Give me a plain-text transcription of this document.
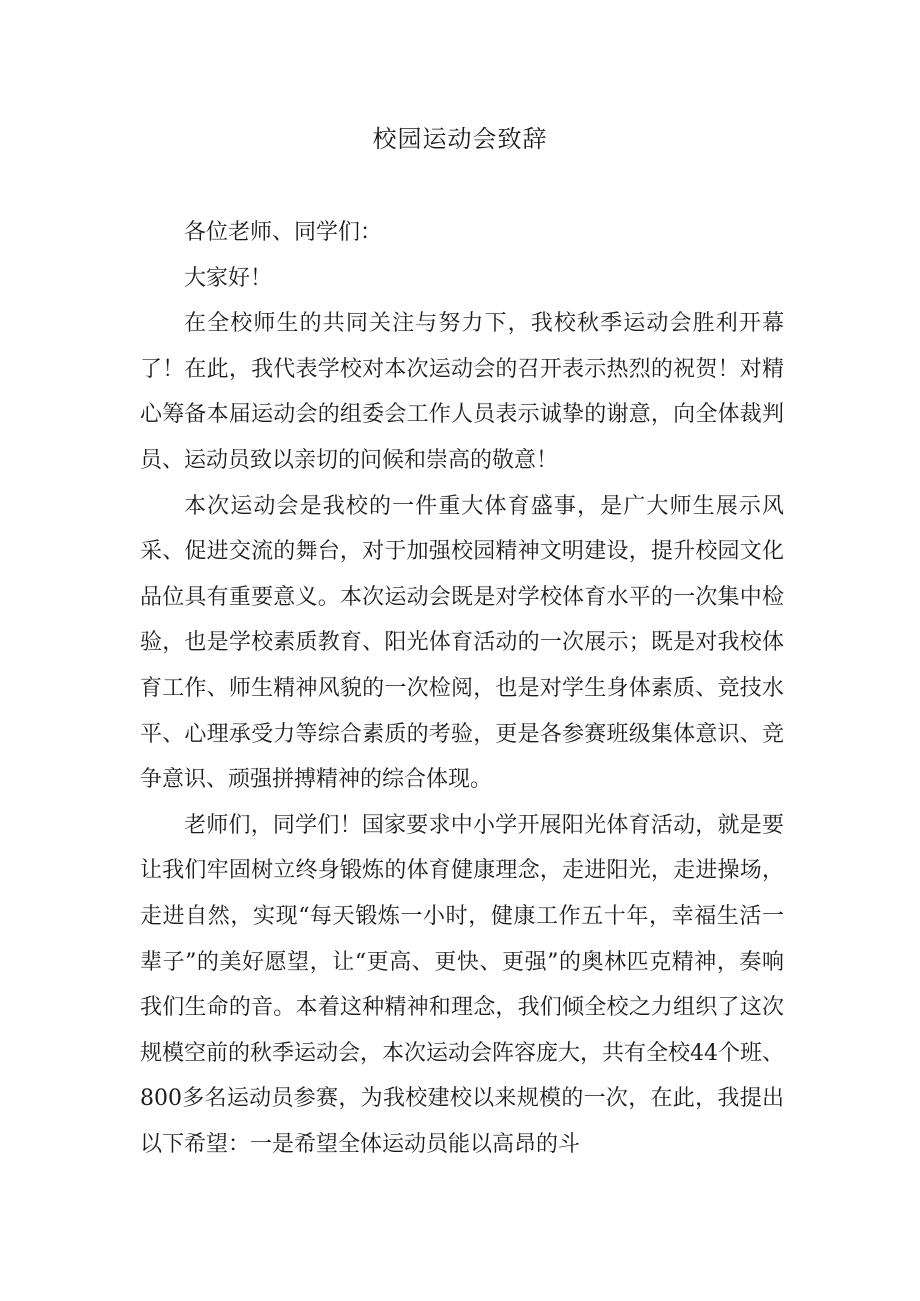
校园运动会致辞

各位老师、同学们：

大家好！

在全校师生的共同关注与努力下，我校秋季运动会胜利开幕了！在此，我代表学校对本次运动会的召开表示热烈的祝贺！对精心筹备本届运动会的组委会工作人员表示诚挚的谢意，向全体裁判员、运动员致以亲切的问候和崇高的敬意！

本次运动会是我校的一件重大体育盛事，是广大师生展示风采、促进交流的舞台，对于加强校园精神文明建设，提升校园文化品位具有重要意义。本次运动会既是对学校体育水平的一次集中检验，也是学校素质教育、阳光体育活动的一次展示；既是对我校体育工作、师生精神风貌的一次检阅，也是对学生身体素质、竞技水平、心理承受力等综合素质的考验，更是各参赛班级集体意识、竞争意识、顽强拼搏精神的综合体现。

老师们，同学们！国家要求中小学开展阳光体育活动，就是要让我们牢固树立终身锻炼的体育健康理念，走进阳光，走进操场，走进自然，实现“每天锻炼一小时，健康工作五十年，幸福生活一辈子”的美好愿望，让“更高、更快、更强”的奥林匹克精神，奏响我们生命的音。本着这种精神和理念，我们倾全校之力组织了这次规模空前的秋季运动会，本次运动会阵容庞大，共有全校44个班、800多名运动员参赛，为我校建校以来规模的一次，在此，我提出以下希望：一是希望全体运动员能以高昂的斗
